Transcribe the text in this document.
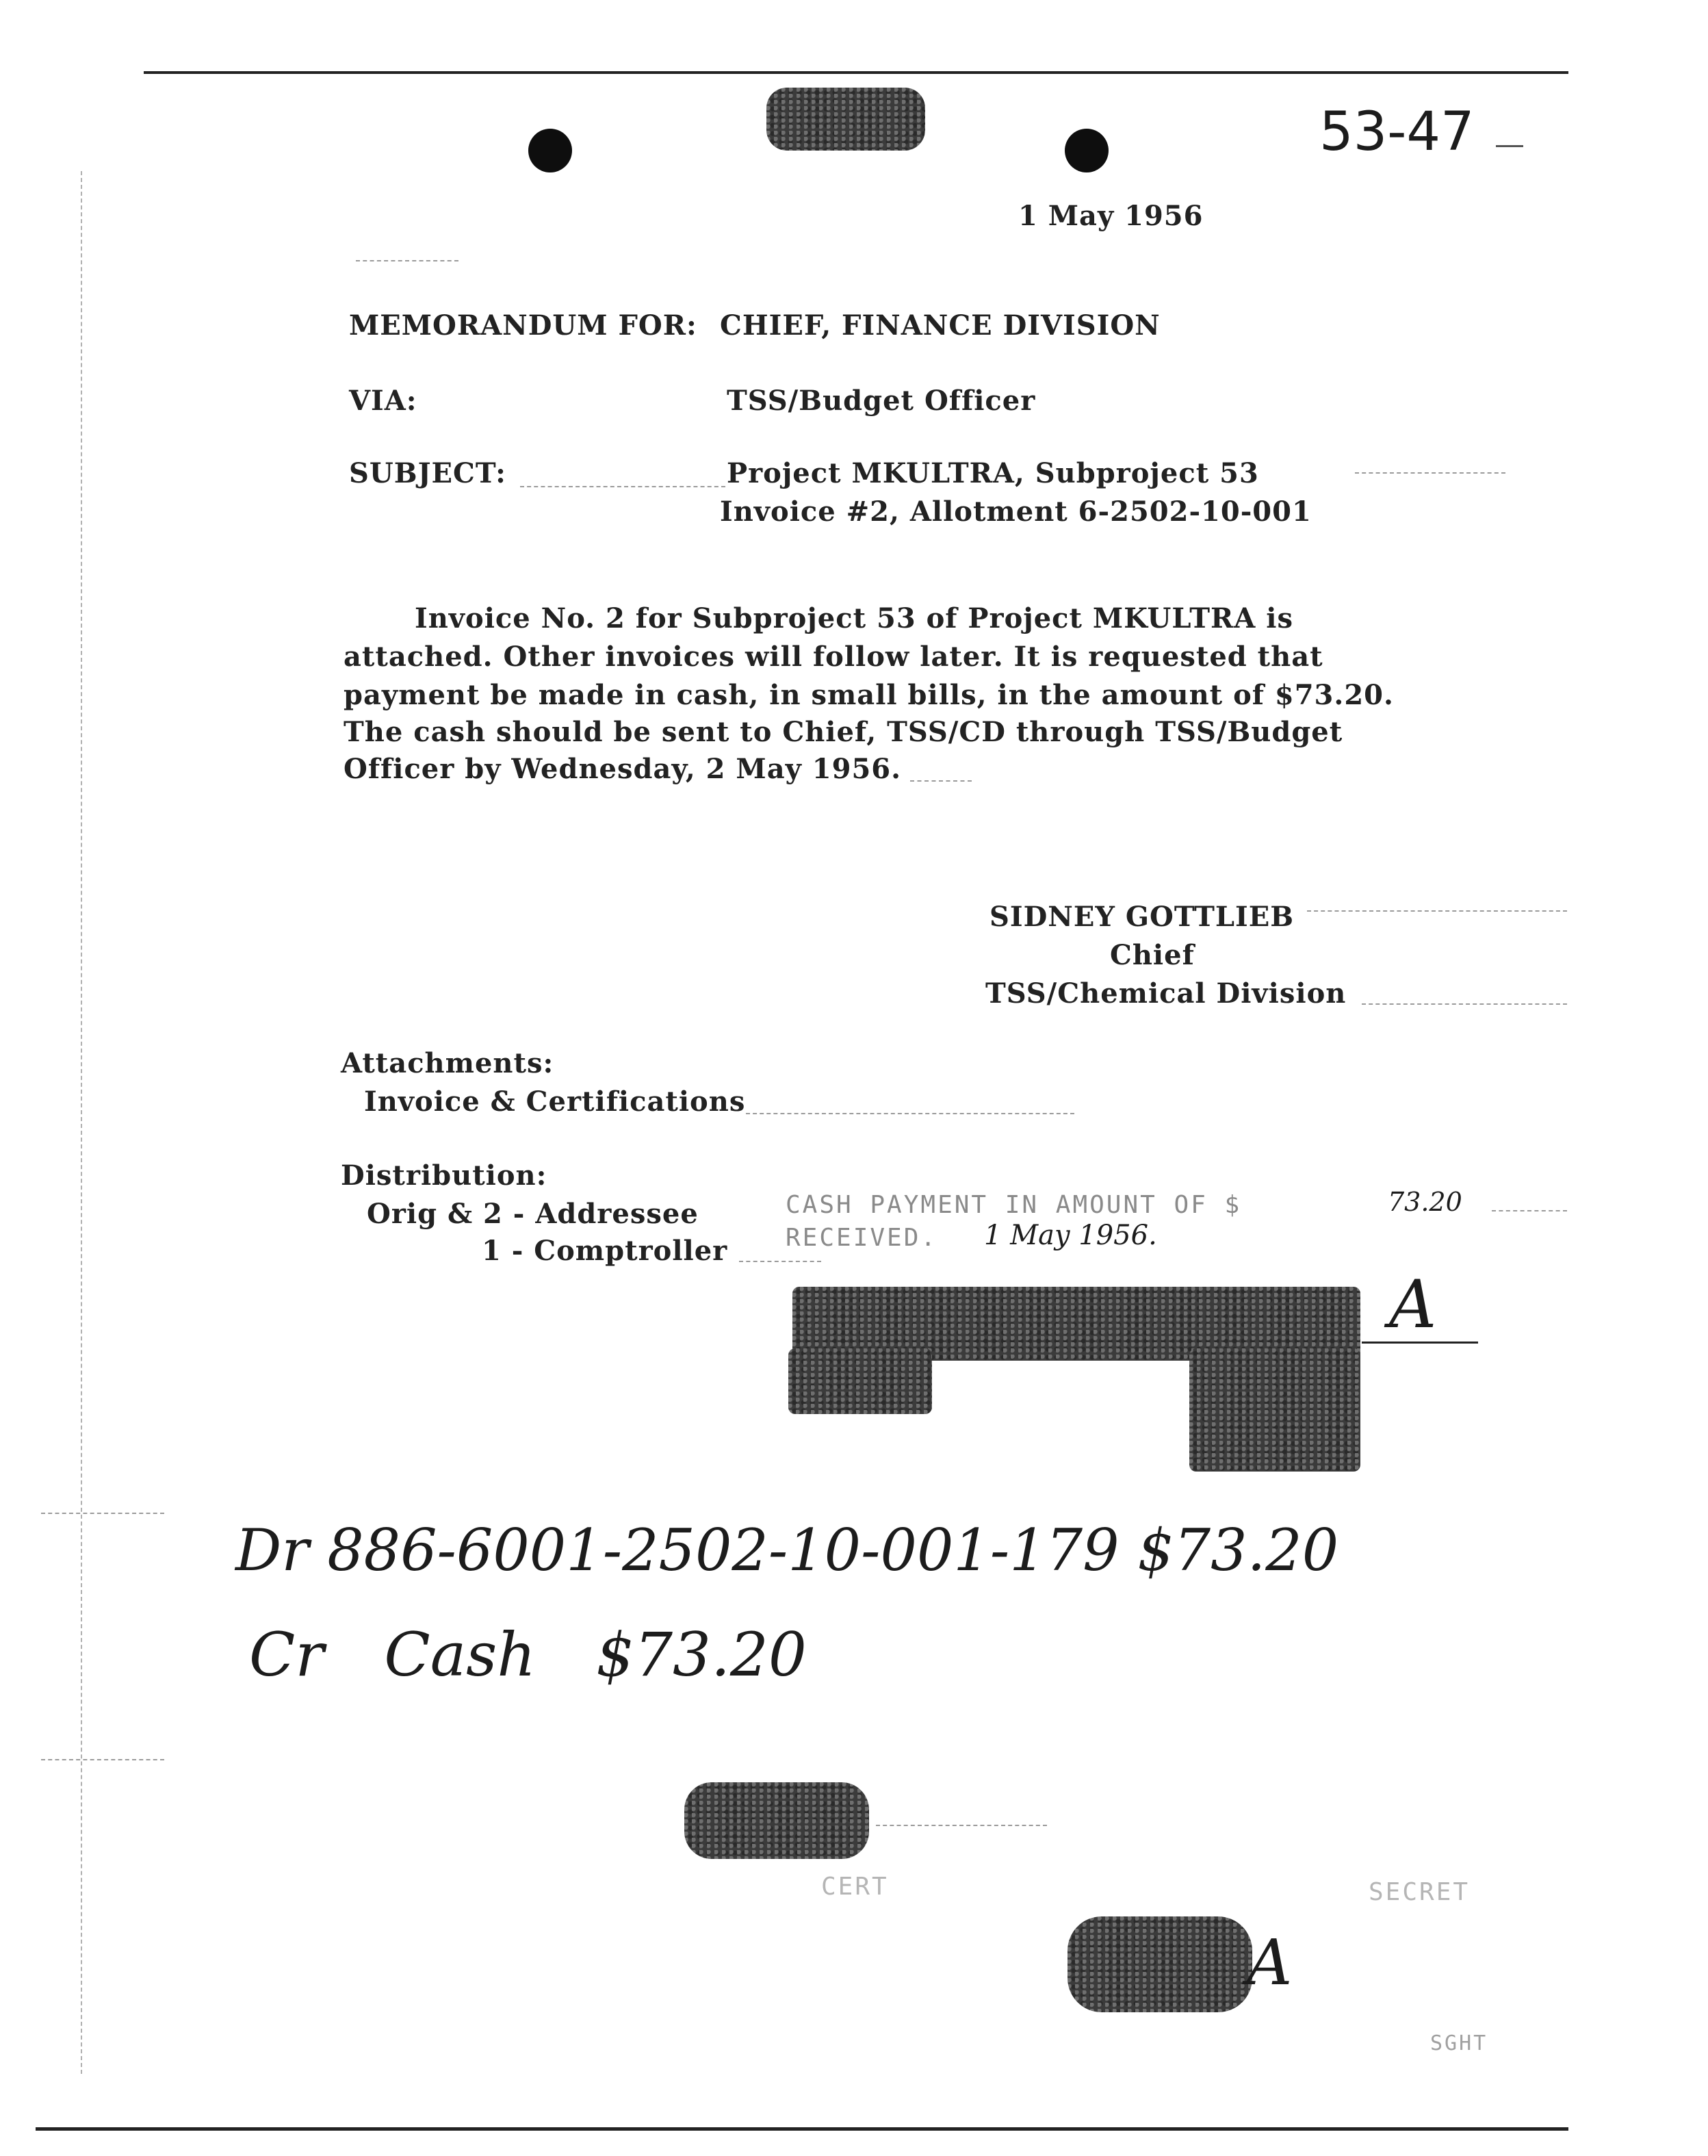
53-47
1 May 1956
MEMORANDUM FOR: CHIEF, FINANCE DIVISION
VIA:	TSS/Budget Officer
SUBJECT:	Project MKULTRA, Subproject 53
Invoice #2, Allotment 6-2502-10-001
Invoice No. 2 for Subproject 53 of Project MKULTRA is
attached. Other invoices will follow later. It is requested that
payment be made in cash, in small bills, in the amount of $73.20.
The cash should be sent to Chief, TSS/CD through TSS/Budget
Officer by Wednesday, 2 May 1956.
SIDNEY GOTTLIEB
Chief
TSS/Chemical Division
Attachments:
Invoice & Certifications
Distribution:
Orig & 2 - Addressee
1 - Comptroller
CASH PAYMENT IN AMOUNT OF $	73.20
RECEIVED. 1 May 1956.
A
Dr 886-6001-2502-10-001-179 $73.20
Cr Cash $73.20
CERT	SECRET
A
SGHT
